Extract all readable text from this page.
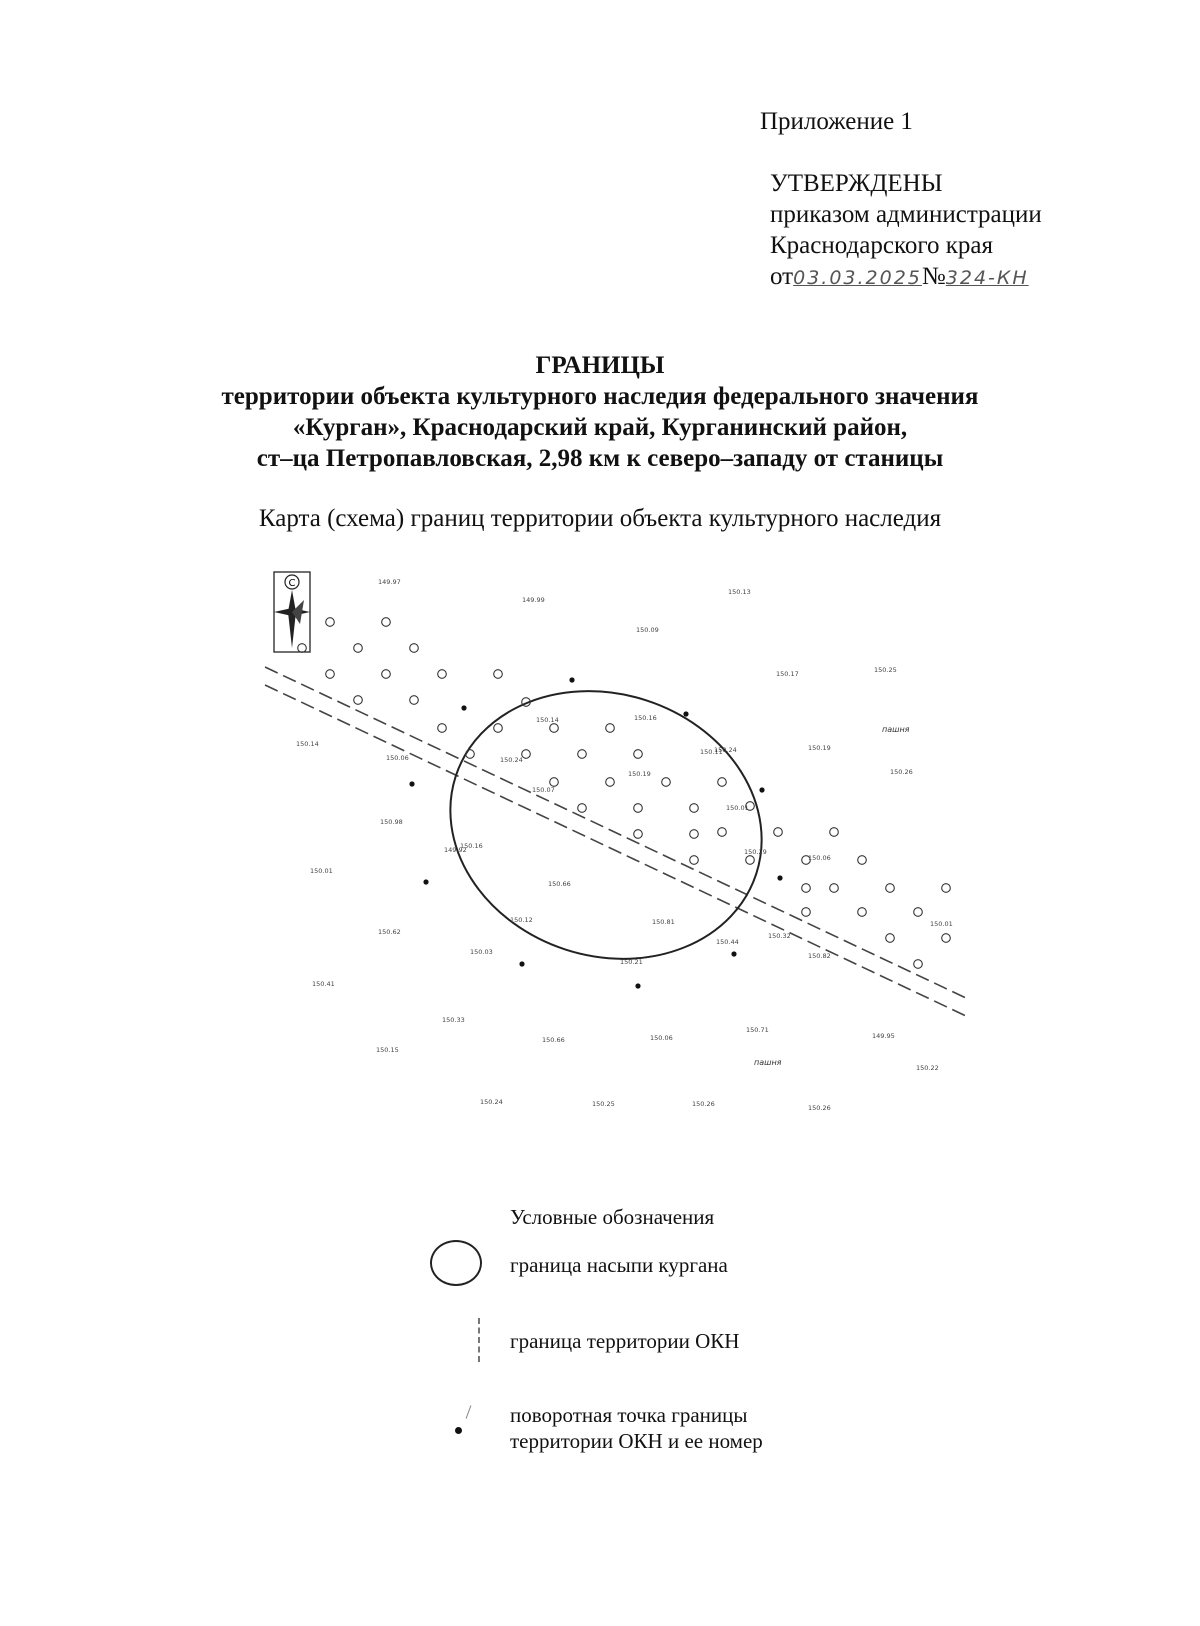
Приложение 1
УТВЕРЖДЕНЫ
приказом администрации
Краснодарского края
от03.03.2025№324-КН
ГРАНИЦЫ
территории объекта культурного наследия федерального значения
«Курган», Краснодарский край, Курганинский район,
ст–ца Петропавловская, 2,98 км к северо–западу от станицы
Карта (схема) границ территории объекта культурного наследия
С	149.97
149.99
150.13
150.09
150.17
150.16
150.25
150.24
150.14
150.11	150.19
150.06
150.19	150.26
150.14
150.98
150.07
150.29
150.06
150.01
150.66
150.16
150.62
150.81
150.44
150.32
150.01
150.41
150.03	150.82
150.33
150.66	150.06
150.71
149.95
150.15
150.22
150.24	150.25	150.26	150.26
149.92
150.01
150.12
150.24
150.21
пашня
пашня
Условные обозначения
граница насыпи кургана
граница территории ОКН
поворотная точка границы
территории ОКН и ее номер
